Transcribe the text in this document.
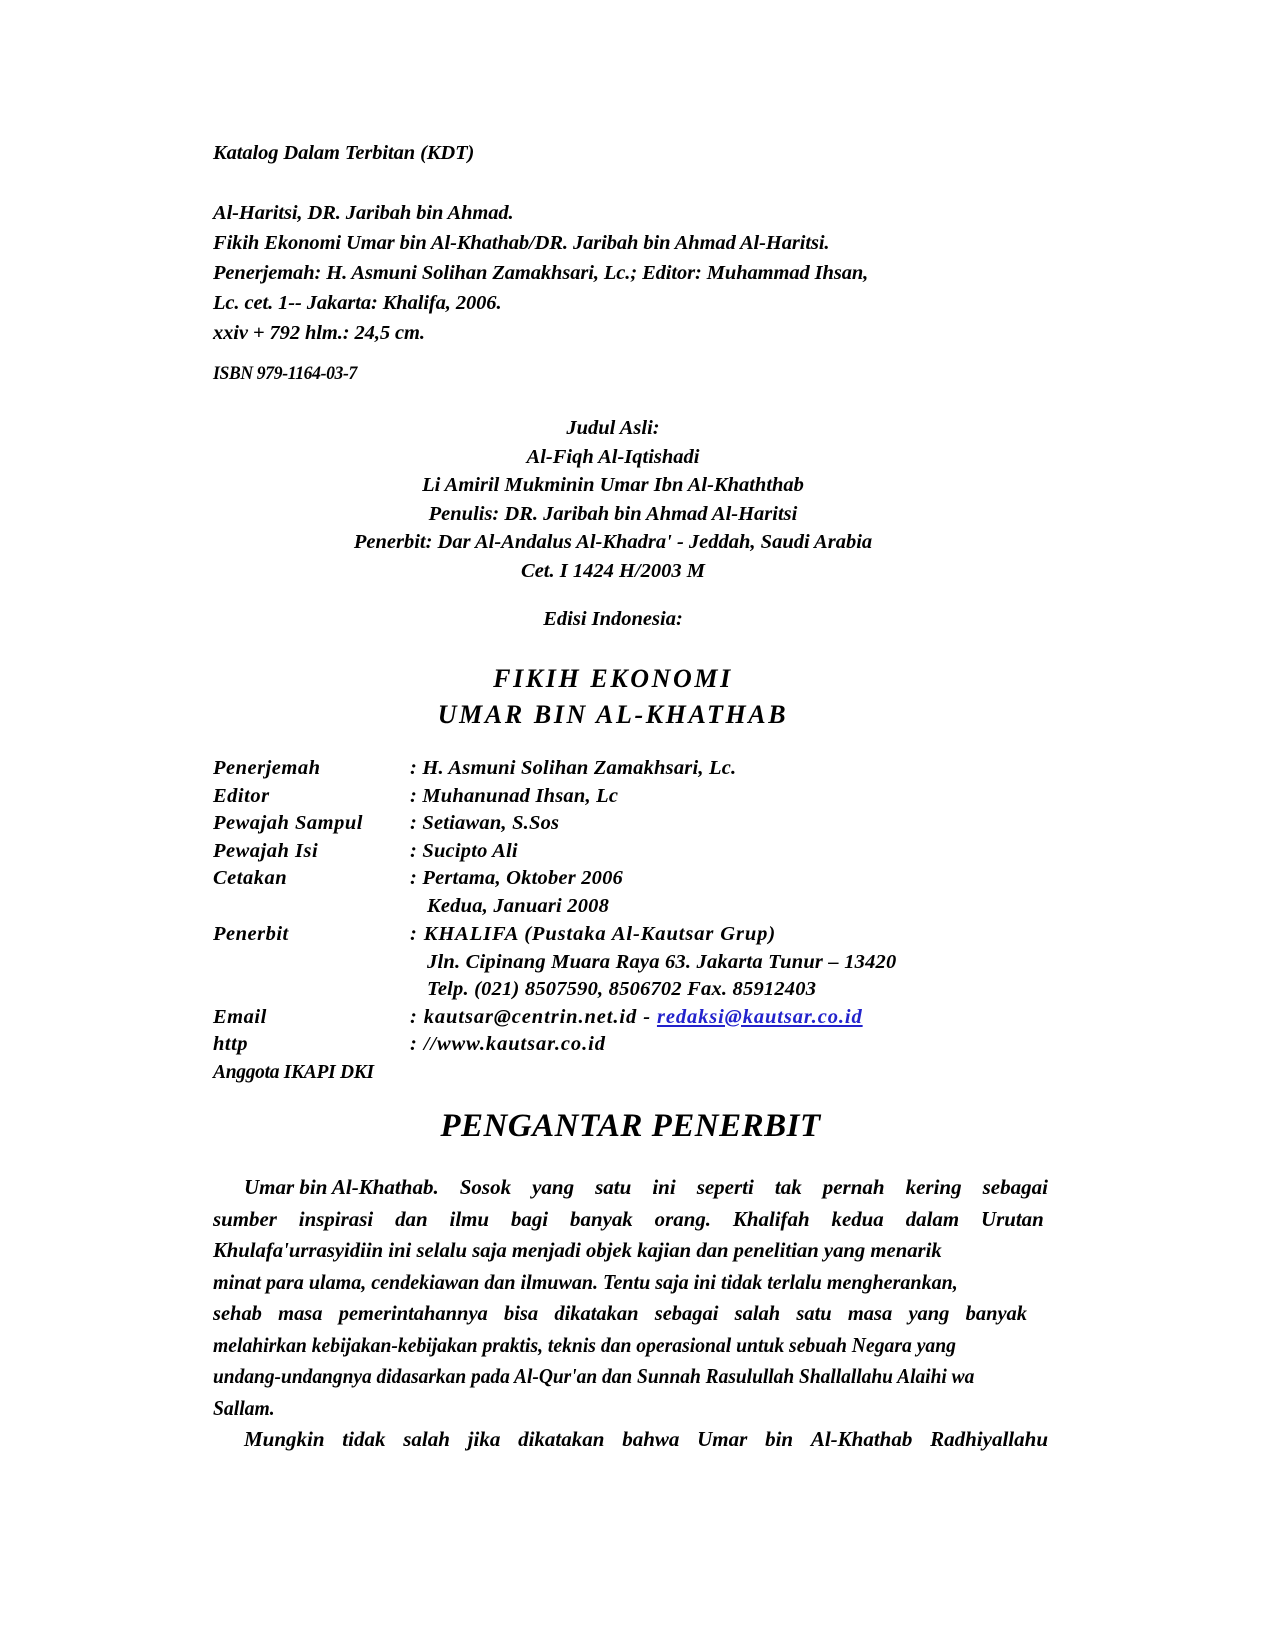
Katalog Dalam Terbitan (KDT)
Al-Haritsi, DR. Jaribah bin Ahmad.
Fikih Ekonomi Umar bin Al-Khathab/DR. Jaribah bin Ahmad Al-Haritsi.
Penerjemah: H. Asmuni Solihan Zamakhsari, Lc.; Editor: Muhammad Ihsan,
Lc. cet. 1-- Jakarta: Khalifa, 2006.
xxiv + 792 hlm.: 24,5 cm.
ISBN 979-1164-03-7
Judul Asli:
Al-Fiqh Al-Iqtishadi
Li Amiril Mukminin Umar Ibn Al-Khaththab
Penulis: DR. Jaribah bin Ahmad Al-Haritsi
Penerbit: Dar Al-Andalus Al-Khadra' - Jeddah, Saudi Arabia
Cet. I 1424 H/2003 M
Edisi Indonesia:
FIKIH EKONOMI
UMAR BIN AL-KHATHAB
Penerjemah	: H. Asmuni Solihan Zamakhsari, Lc.
Editor	: Muhanunad Ihsan, Lc
Pewajah Sampul	: Setiawan, S.Sos
Pewajah Isi	: Sucipto Ali
Cetakan	: Pertama, Oktober 2006
Kedua, Januari 2008
Penerbit	: KHALIFA (Pustaka Al-Kautsar Grup)
Jln. Cipinang Muara Raya 63. Jakarta Tunur – 13420
Telp. (021) 8507590, 8506702 Fax. 85912403
Email	: kautsar@centrin.net.id - redaksi@kautsar.co.id
http	: //www.kautsar.co.id
Anggota IKAPI DKI
PENGANTAR PENERBIT
Umar bin Al-Khathab. Sosok yang satu ini seperti tak pernah kering sebagai
sumber inspirasi dan ilmu bagi banyak orang. Khalifah kedua dalam Urutan
Khulafa'urrasyidiin ini selalu saja menjadi objek kajian dan penelitian yang menarik
minat para ulama, cendekiawan dan ilmuwan. Tentu saja ini tidak terlalu mengherankan,
sehab masa pemerintahannya bisa dikatakan sebagai salah satu masa yang banyak
melahirkan kebijakan-kebijakan praktis, teknis dan operasional untuk sebuah Negara yang
undang-undangnya didasarkan pada Al-Qur'an dan Sunnah Rasulullah Shallallahu Alaihi wa
Sallam.
Mungkin tidak salah jika dikatakan bahwa Umar bin Al-Khathab Radhiyallahu
